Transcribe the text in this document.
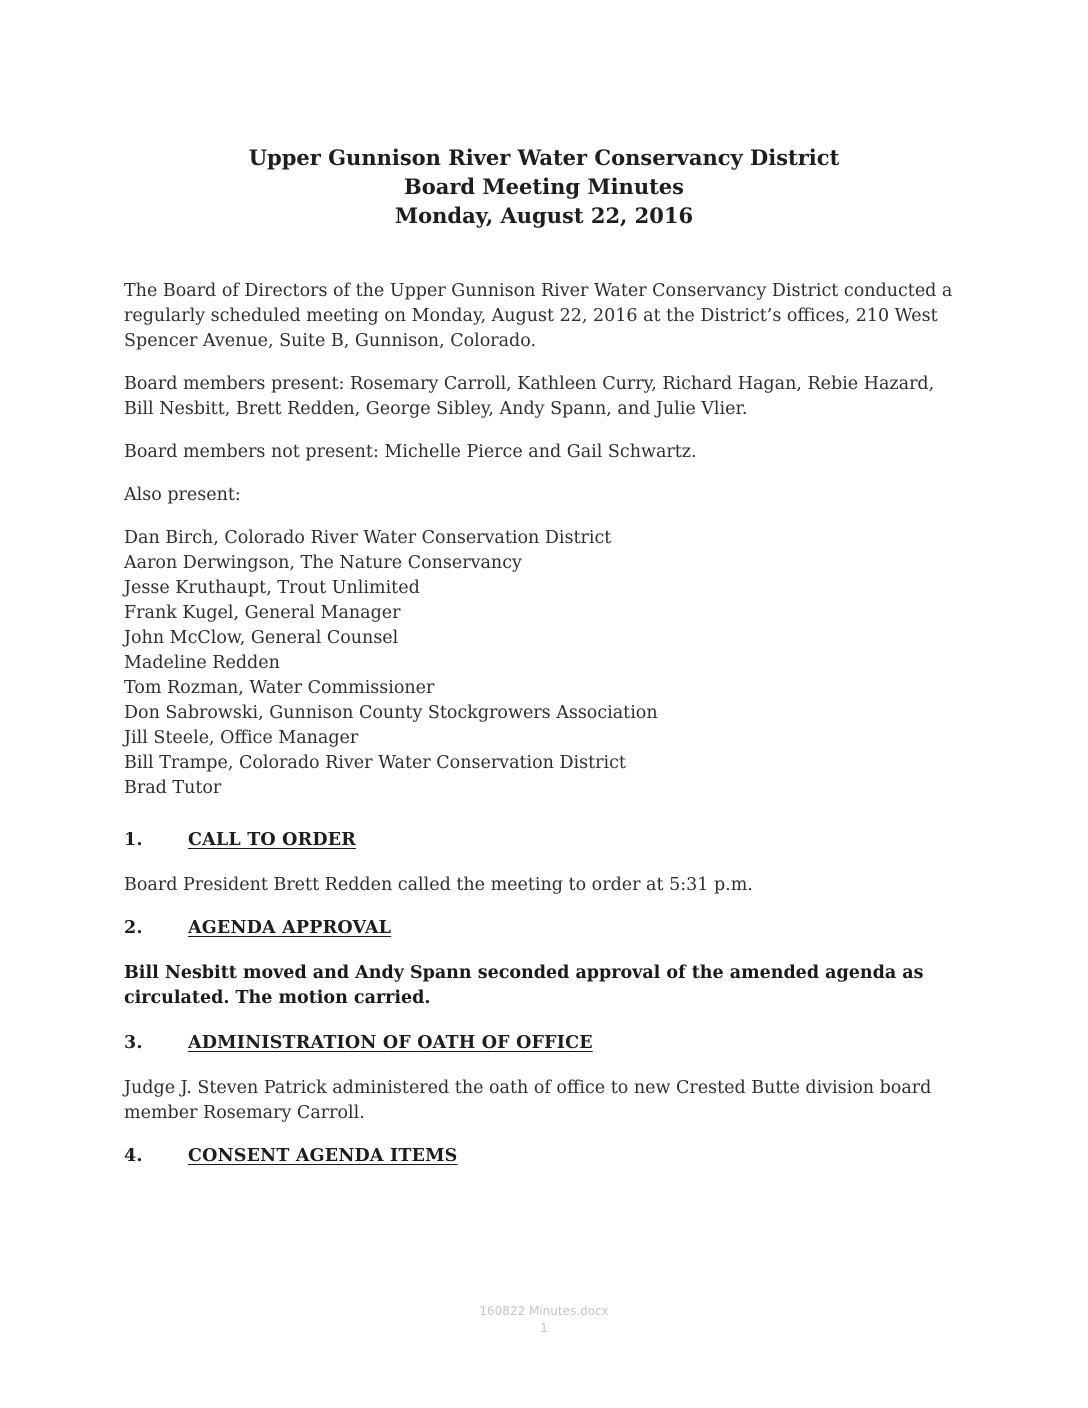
Upper Gunnison River Water Conservancy District
Board Meeting Minutes
Monday, August 22, 2016

The Board of Directors of the Upper Gunnison River Water Conservancy District conducted a regularly scheduled meeting on Monday, August 22, 2016 at the District’s offices, 210 West Spencer Avenue, Suite B, Gunnison, Colorado.

Board members present: Rosemary Carroll, Kathleen Curry, Richard Hagan, Rebie Hazard, Bill Nesbitt, Brett Redden, George Sibley, Andy Spann, and Julie Vlier.

Board members not present: Michelle Pierce and Gail Schwartz.

Also present:

Dan Birch, Colorado River Water Conservation District
Aaron Derwingson, The Nature Conservancy
Jesse Kruthaupt, Trout Unlimited
Frank Kugel, General Manager
John McClow, General Counsel
Madeline Redden
Tom Rozman, Water Commissioner
Don Sabrowski, Gunnison County Stockgrowers Association
Jill Steele, Office Manager
Bill Trampe, Colorado River Water Conservation District
Brad Tutor
1.	CALL TO ORDER

Board President Brett Redden called the meeting to order at 5:31 p.m.

2.	AGENDA APPROVAL

Bill Nesbitt moved and Andy Spann seconded approval of the amended agenda as circulated. The motion carried.

3.	ADMINISTRATION OF OATH OF OFFICE

Judge J. Steven Patrick administered the oath of office to new Crested Butte division board member Rosemary Carroll.

4.	CONSENT AGENDA ITEMS
160822 Minutes.docx
1
